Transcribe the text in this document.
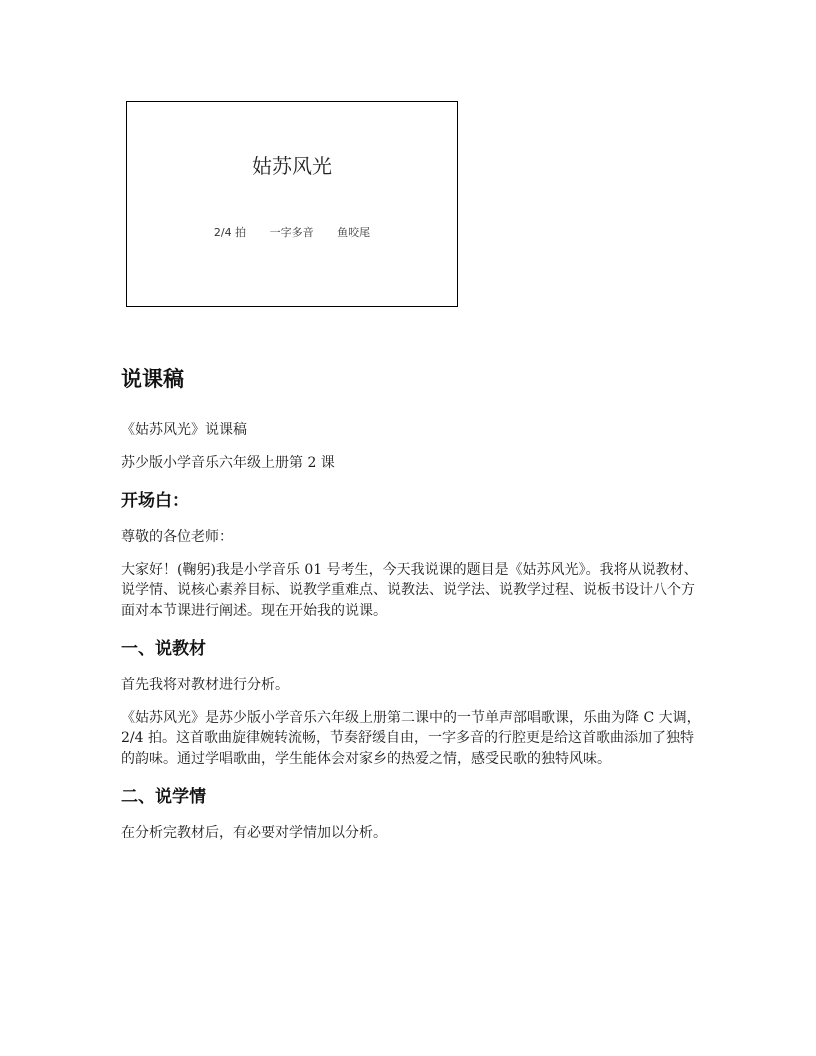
姑苏风光
2/4 拍 一字多音 鱼咬尾
说课稿

《姑苏风光》说课稿

苏少版小学音乐六年级上册第 2 课

开场白：

尊敬的各位老师：

大家好！(鞠躬)我是小学音乐 01 号考生，今天我说课的题目是《姑苏风光》。我将从说教材、说学情、说核心素养目标、说教学重难点、说教法、说学法、说教学过程、说板书设计八个方面对本节课进行阐述。现在开始我的说课。

一、说教材

首先我将对教材进行分析。

《姑苏风光》是苏少版小学音乐六年级上册第二课中的一节单声部唱歌课，乐曲为降 C 大调，2/4 拍。这首歌曲旋律婉转流畅，节奏舒缓自由，一字多音的行腔更是给这首歌曲添加了独特的韵味。通过学唱歌曲，学生能体会对家乡的热爱之情，感受民歌的独特风味。

二、说学情

在分析完教材后，有必要对学情加以分析。
